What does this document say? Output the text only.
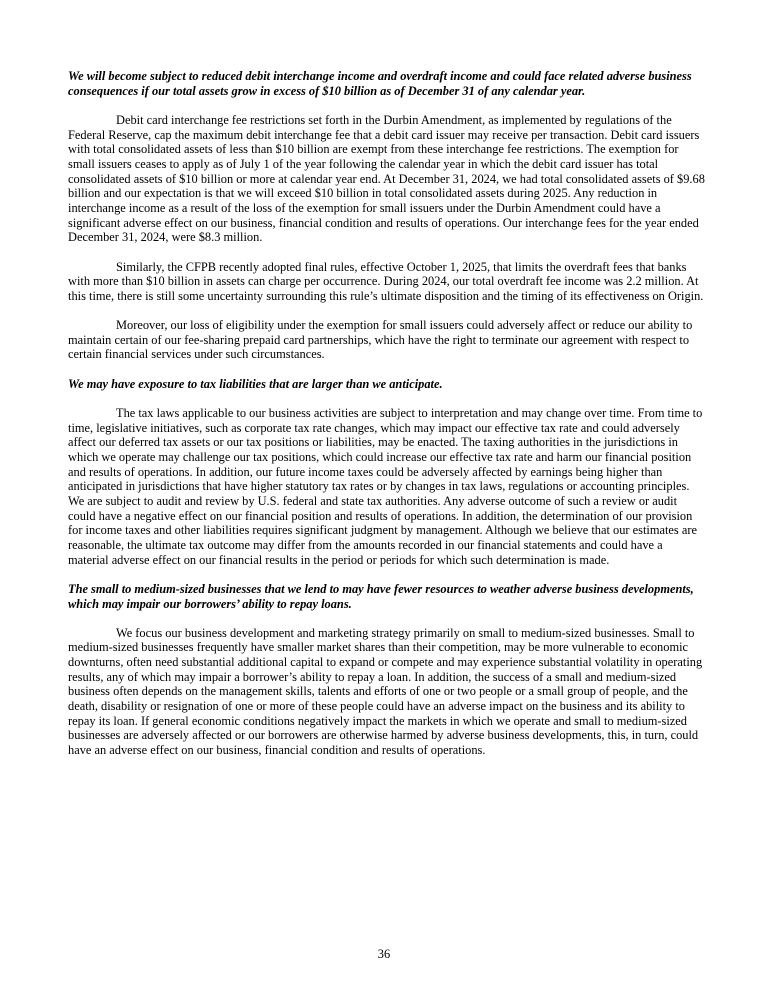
We will become subject to reduced debit interchange income and overdraft income and could face related adverse business consequences if our total assets grow in excess of $10 billion as of December 31 of any calendar year.

Debit card interchange fee restrictions set forth in the Durbin Amendment, as implemented by regulations of the Federal Reserve, cap the maximum debit interchange fee that a debit card issuer may receive per transaction. Debit card issuers with total consolidated assets of less than $10 billion are exempt from these interchange fee restrictions. The exemption for small issuers ceases to apply as of July 1 of the year following the calendar year in which the debit card issuer has total consolidated assets of $10 billion or more at calendar year end. At December 31, 2024, we had total consolidated assets of $9.68 billion and our expectation is that we will exceed $10 billion in total consolidated assets during 2025. Any reduction in interchange income as a result of the loss of the exemption for small issuers under the Durbin Amendment could have a significant adverse effect on our business, financial condition and results of operations. Our interchange fees for the year ended December 31, 2024, were $8.3 million.

Similarly, the CFPB recently adopted final rules, effective October 1, 2025, that limits the overdraft fees that banks with more than $10 billion in assets can charge per occurrence. During 2024, our total overdraft fee income was 2.2 million. At this time, there is still some uncertainty surrounding this rule’s ultimate disposition and the timing of its effectiveness on Origin.

Moreover, our loss of eligibility under the exemption for small issuers could adversely affect or reduce our ability to maintain certain of our fee-sharing prepaid card partnerships, which have the right to terminate our agreement with respect to certain financial services under such circumstances.

We may have exposure to tax liabilities that are larger than we anticipate.

The tax laws applicable to our business activities are subject to interpretation and may change over time. From time to time, legislative initiatives, such as corporate tax rate changes, which may impact our effective tax rate and could adversely affect our deferred tax assets or our tax positions or liabilities, may be enacted. The taxing authorities in the jurisdictions in which we operate may challenge our tax positions, which could increase our effective tax rate and harm our financial position and results of operations. In addition, our future income taxes could be adversely affected by earnings being higher than anticipated in jurisdictions that have higher statutory tax rates or by changes in tax laws, regulations or accounting principles. We are subject to audit and review by U.S. federal and state tax authorities. Any adverse outcome of such a review or audit could have a negative effect on our financial position and results of operations. In addition, the determination of our provision for income taxes and other liabilities requires significant judgment by management. Although we believe that our estimates are reasonable, the ultimate tax outcome may differ from the amounts recorded in our financial statements and could have a material adverse effect on our financial results in the period or periods for which such determination is made.

The small to medium-sized businesses that we lend to may have fewer resources to weather adverse business developments, which may impair our borrowers’ ability to repay loans.

We focus our business development and marketing strategy primarily on small to medium-sized businesses. Small to medium-sized businesses frequently have smaller market shares than their competition, may be more vulnerable to economic downturns, often need substantial additional capital to expand or compete and may experience substantial volatility in operating results, any of which may impair a borrower’s ability to repay a loan. In addition, the success of a small and medium-sized business often depends on the management skills, talents and efforts of one or two people or a small group of people, and the death, disability or resignation of one or more of these people could have an adverse impact on the business and its ability to repay its loan. If general economic conditions negatively impact the markets in which we operate and small to medium-sized businesses are adversely affected or our borrowers are otherwise harmed by adverse business developments, this, in turn, could have an adverse effect on our business, financial condition and results of operations.

36
